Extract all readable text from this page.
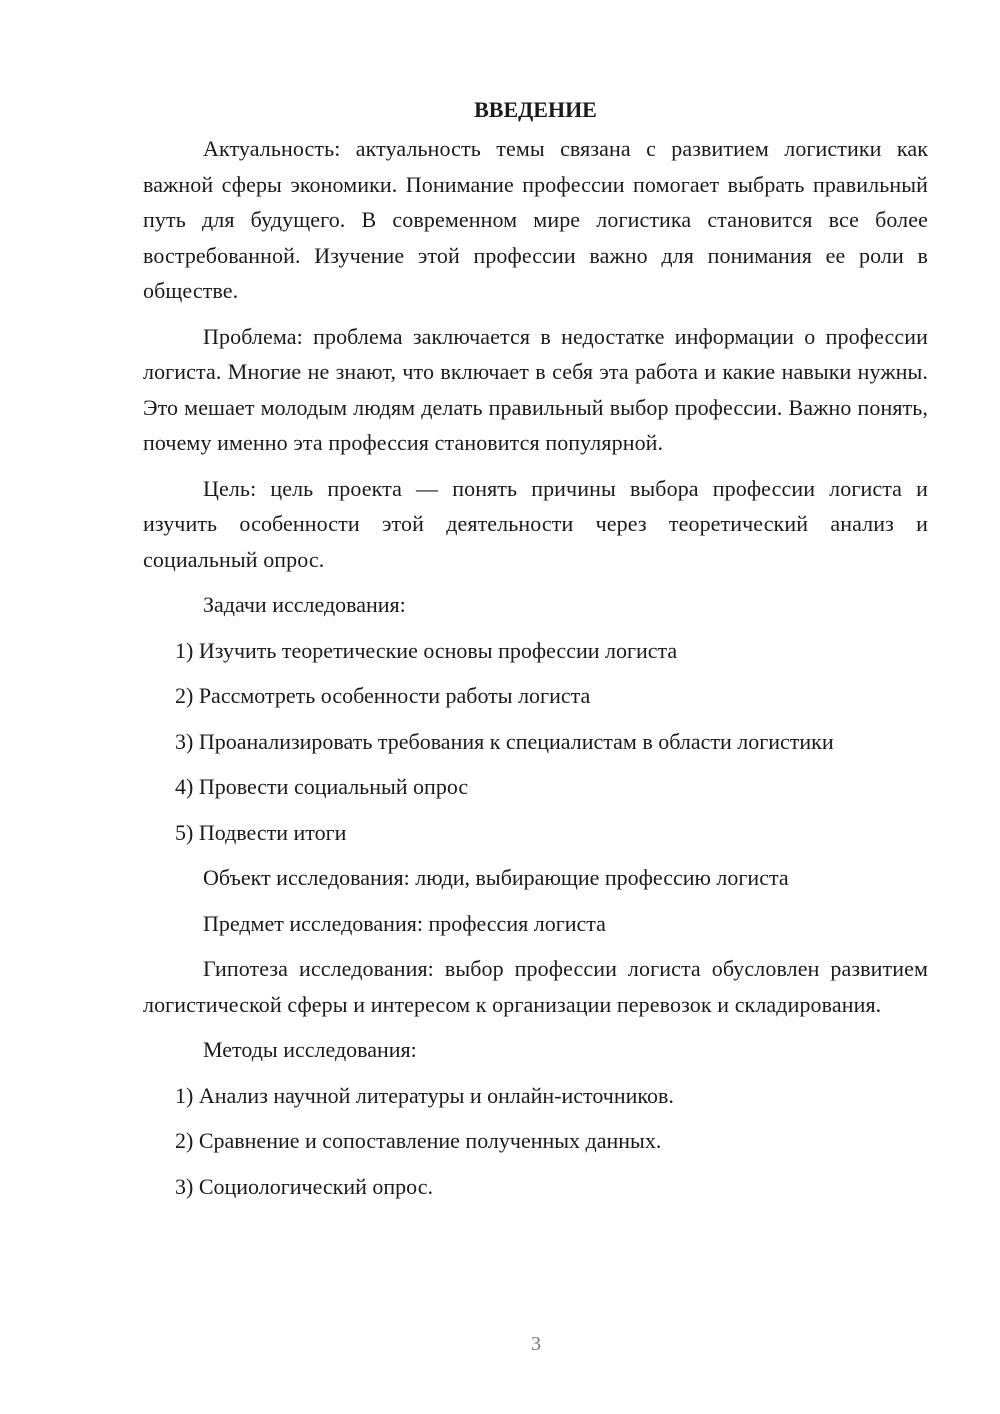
ВВЕДЕНИЕ

Актуальность: актуальность темы связана с развитием логистики как важной сферы экономики. Понимание профессии помогает выбрать правильный путь для будущего. В современном мире логистика становится все более востребованной. Изучение этой профессии важно для понимания ее роли в обществе.

Проблема: проблема заключается в недостатке информации о профессии логиста. Многие не знают, что включает в себя эта работа и какие навыки нужны. Это мешает молодым людям делать правильный выбор профессии. Важно понять, почему именно эта профессия становится популярной.

Цель: цель проекта — понять причины выбора профессии логиста и изучить особенности этой деятельности через теоретический анализ и социальный опрос.

Задачи исследования:
1) Изучить теоретические основы профессии логиста
2) Рассмотреть особенности работы логиста
3) Проанализировать требования к специалистам в области логистики
4) Провести социальный опрос
5) Подвести итоги
Объект исследования: люди, выбирающие профессию логиста
Предмет исследования: профессия логиста

Гипотеза исследования: выбор профессии логиста обусловлен развитием логистической сферы и интересом к организации перевозок и складирования.

Методы исследования:
1) Анализ научной литературы и онлайн-источников.
2) Сравнение и сопоставление полученных данных.
3) Социологический опрос.
3
